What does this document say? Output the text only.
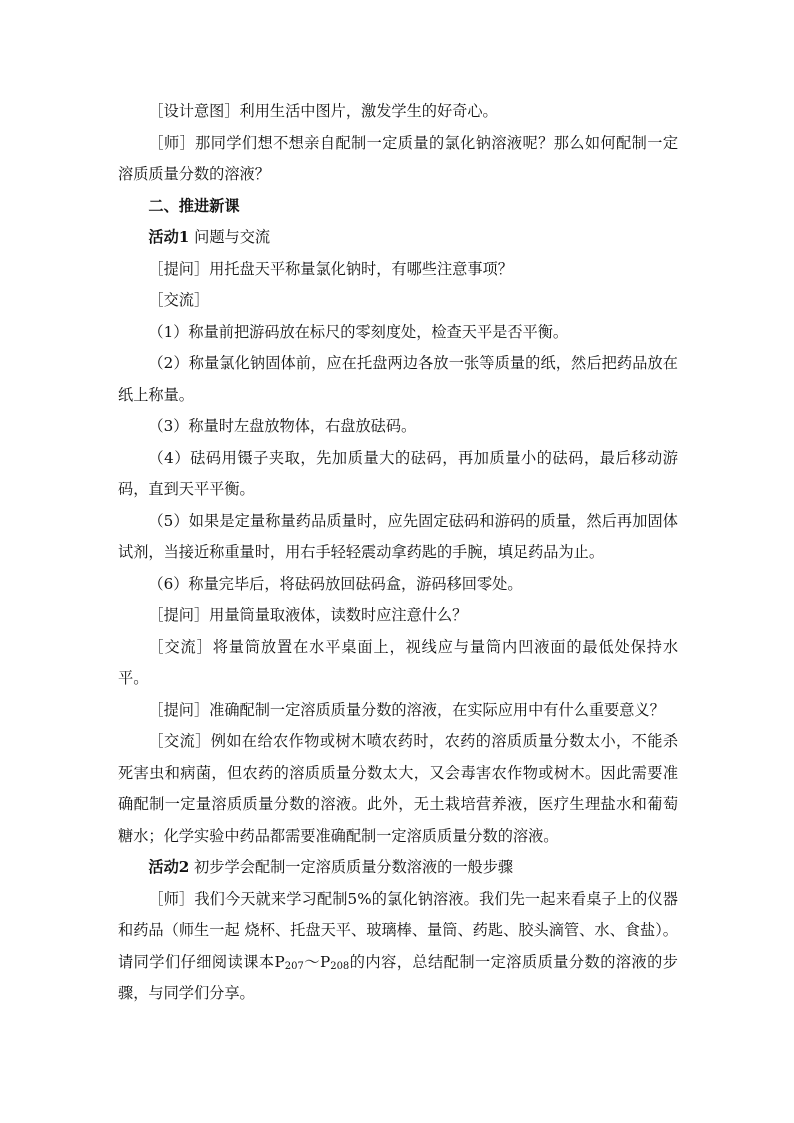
［设计意图］利用生活中图片，激发学生的好奇心。

［师］那同学们想不想亲自配制一定质量的氯化钠溶液呢？那么如何配制一定溶质质量分数的溶液？

二、推进新课

活动1 问题与交流

［提问］用托盘天平称量氯化钠时，有哪些注意事项？

［交流］

（1）称量前把游码放在标尺的零刻度处，检查天平是否平衡。

（2）称量氯化钠固体前，应在托盘两边各放一张等质量的纸，然后把药品放在纸上称量。

（3）称量时左盘放物体，右盘放砝码。

（4）砝码用镊子夹取，先加质量大的砝码，再加质量小的砝码，最后移动游码，直到天平平衡。

（5）如果是定量称量药品质量时，应先固定砝码和游码的质量，然后再加固体试剂，当接近称重量时，用右手轻轻震动拿药匙的手腕，填足药品为止。

（6）称量完毕后，将砝码放回砝码盒，游码移回零处。

［提问］用量筒量取液体，读数时应注意什么？

［交流］将量筒放置在水平桌面上，视线应与量筒内凹液面的最低处保持水平。

［提问］准确配制一定溶质质量分数的溶液，在实际应用中有什么重要意义？

［交流］例如在给农作物或树木喷农药时，农药的溶质质量分数太小，不能杀死害虫和病菌，但农药的溶质质量分数太大，又会毒害农作物或树木。因此需要准确配制一定量溶质质量分数的溶液。此外，无土栽培营养液，医疗生理盐水和葡萄糖水；化学实验中药品都需要准确配制一定溶质质量分数的溶液。

活动2 初步学会配制一定溶质质量分数溶液的一般步骤

［师］我们今天就来学习配制5%的氯化钠溶液。我们先一起来看桌子上的仪器和药品（师生一起 烧杯、托盘天平、玻璃棒、量筒、药匙、胶头滴管、水、食盐）。请同学们仔细阅读课本$P_{207}\sim P_{208}$的内容，总结配制一定溶质质量分数的溶液的步骤，与同学们分享。
